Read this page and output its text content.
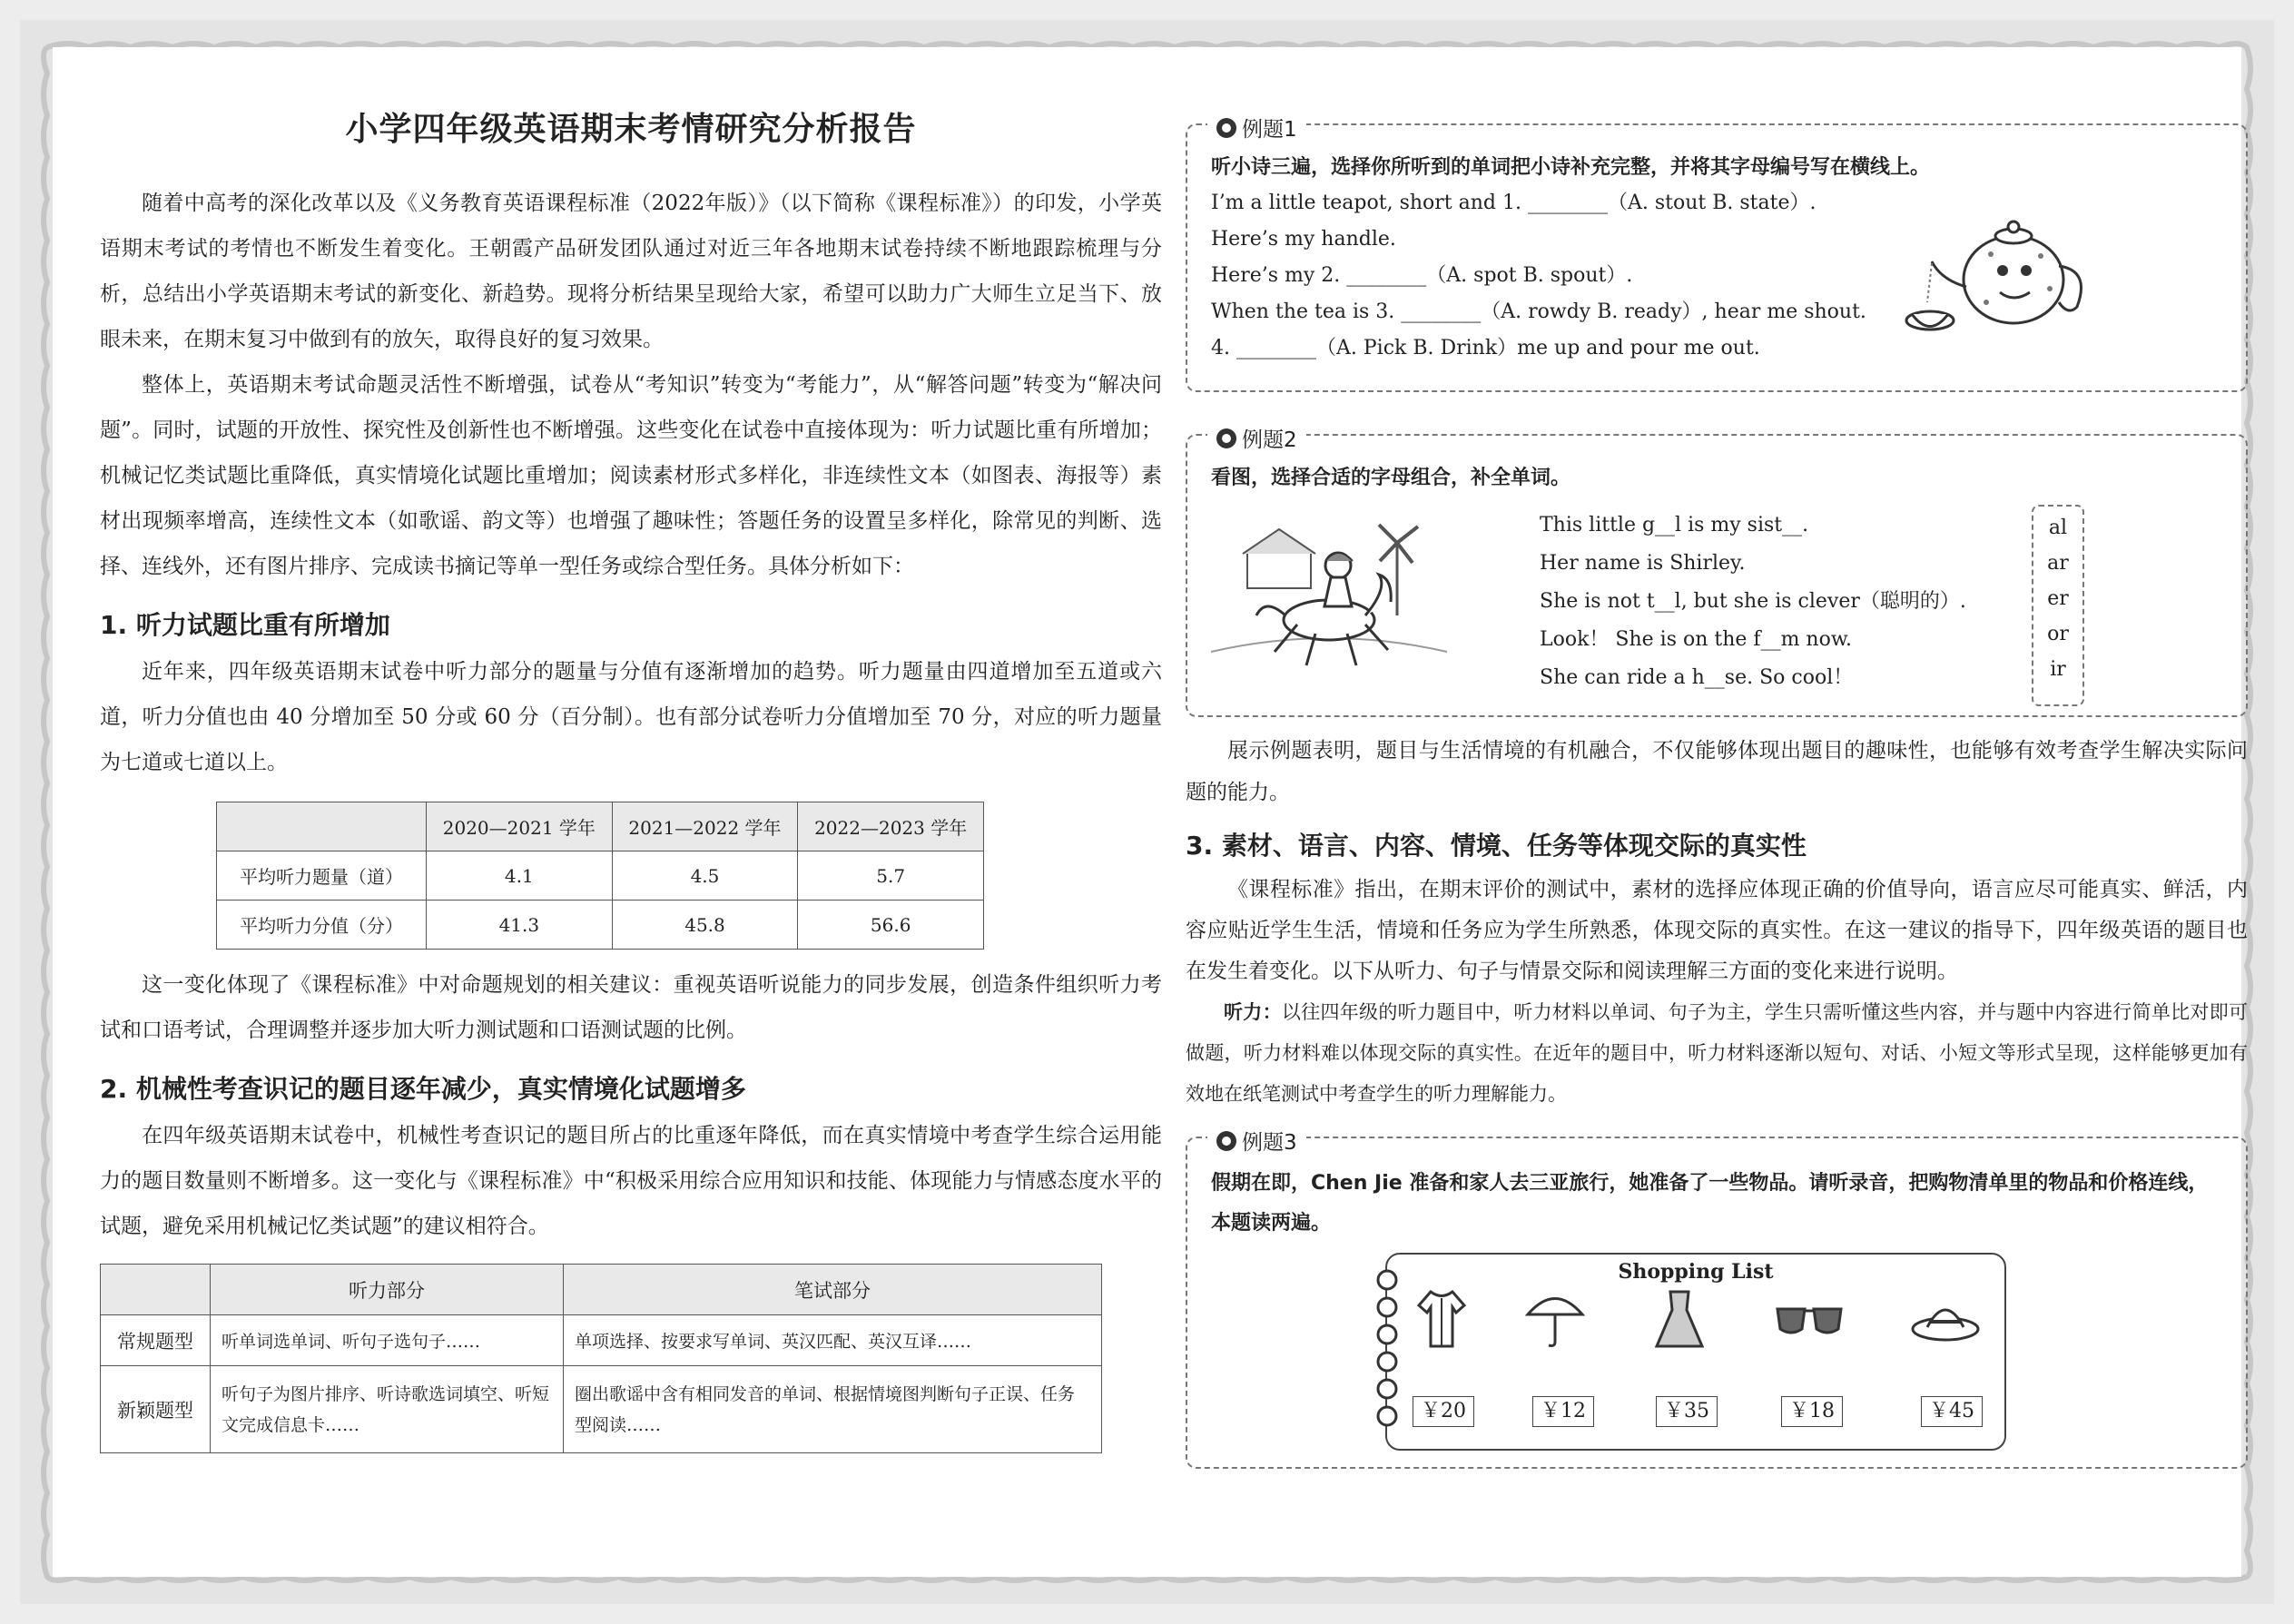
小学四年级英语期末考情研究分析报告

随着中高考的深化改革以及《义务教育英语课程标准（2022年版）》（以下简称《课程标准》）的印发，小学英语期末考试的考情也不断发生着变化。王朝霞产品研发团队通过对近三年各地期末试卷持续不断地跟踪梳理与分析，总结出小学英语期末考试的新变化、新趋势。现将分析结果呈现给大家，希望可以助力广大师生立足当下、放眼未来，在期末复习中做到有的放矢，取得良好的复习效果。

整体上，英语期末考试命题灵活性不断增强，试卷从“考知识”转变为“考能力”，从“解答问题”转变为“解决问题”。同时，试题的开放性、探究性及创新性也不断增强。这些变化在试卷中直接体现为：听力试题比重有所增加；机械记忆类试题比重降低，真实情境化试题比重增加；阅读素材形式多样化，非连续性文本（如图表、海报等）素材出现频率增高，连续性文本（如歌谣、韵文等）也增强了趣味性；答题任务的设置呈多样化，除常见的判断、选择、连线外，还有图片排序、完成读书摘记等单一型任务或综合型任务。具体分析如下：

1. 听力试题比重有所增加

近年来，四年级英语期末试卷中听力部分的题量与分值有逐渐增加的趋势。听力题量由四道增加至五道或六道，听力分值也由 40 分增加至 50 分或 60 分（百分制）。也有部分试卷听力分值增加至 70 分，对应的听力题量为七道或七道以上。

	2020—2021 学年	2021—2022 学年	2022—2023 学年
平均听力题量（道）	4.1	4.5	5.7
平均听力分值（分）	41.3	45.8	56.6

这一变化体现了《课程标准》中对命题规划的相关建议：重视英语听说能力的同步发展，创造条件组织听力考试和口语考试，合理调整并逐步加大听力测试题和口语测试题的比例。

2. 机械性考查识记的题目逐年减少，真实情境化试题增多

在四年级英语期末试卷中，机械性考查识记的题目所占的比重逐年降低，而在真实情境中考查学生综合运用能力的题目数量则不断增多。这一变化与《课程标准》中“积极采用综合应用知识和技能、体现能力与情感态度水平的试题，避免采用机械记忆类试题”的建议相符合。

	听力部分	笔试部分
常规题型	听单词选单词、听句子选句子……	单项选择、按要求写单词、英汉匹配、英汉互译……
新颖题型	听句子为图片排序、听诗歌选词填空、听短文完成信息卡……	圈出歌谣中含有相同发音的单词、根据情境图判断句子正误、任务型阅读……
例题1
听小诗三遍，选择你所听到的单词把小诗补充完整，并将其字母编号写在横线上。
I’m a little teapot, short and 1. ________（A. stout B. state）.
Here’s my handle.
Here’s my 2. ________（A. spot B. spout）.
When the tea is 3. ________（A. rowdy B. ready）, hear me shout.
4. ________（A. Pick B. Drink）me up and pour me out.
例题2
看图，选择合适的字母组合，补全单词。
This little g__l is my sist__.
Her name is Shirley.
She is not t__l, but she is clever（聪明的）.
Look！ She is on the f__m now.
She can ride a h__se. So cool！
al
ar
er
or
ir

展示例题表明，题目与生活情境的有机融合，不仅能够体现出题目的趣味性，也能够有效考查学生解决实际问题的能力。

3. 素材、语言、内容、情境、任务等体现交际的真实性

《课程标准》指出，在期末评价的测试中，素材的选择应体现正确的价值导向，语言应尽可能真实、鲜活，内容应贴近学生生活，情境和任务应为学生所熟悉，体现交际的真实性。在这一建议的指导下，四年级英语的题目也在发生着变化。以下从听力、句子与情景交际和阅读理解三方面的变化来进行说明。

听力：以往四年级的听力题目中，听力材料以单词、句子为主，学生只需听懂这些内容，并与题中内容进行简单比对即可做题，听力材料难以体现交际的真实性。在近年的题目中，听力材料逐渐以短句、对话、小短文等形式呈现，这样能够更加有效地在纸笔测试中考查学生的听力理解能力。

例题3
假期在即，Chen Jie 准备和家人去三亚旅行，她准备了一些物品。请听录音，把购物清单里的物品和价格连线，本题读两遍。
Shopping List
￥20	￥12	￥35	￥18	￥45
